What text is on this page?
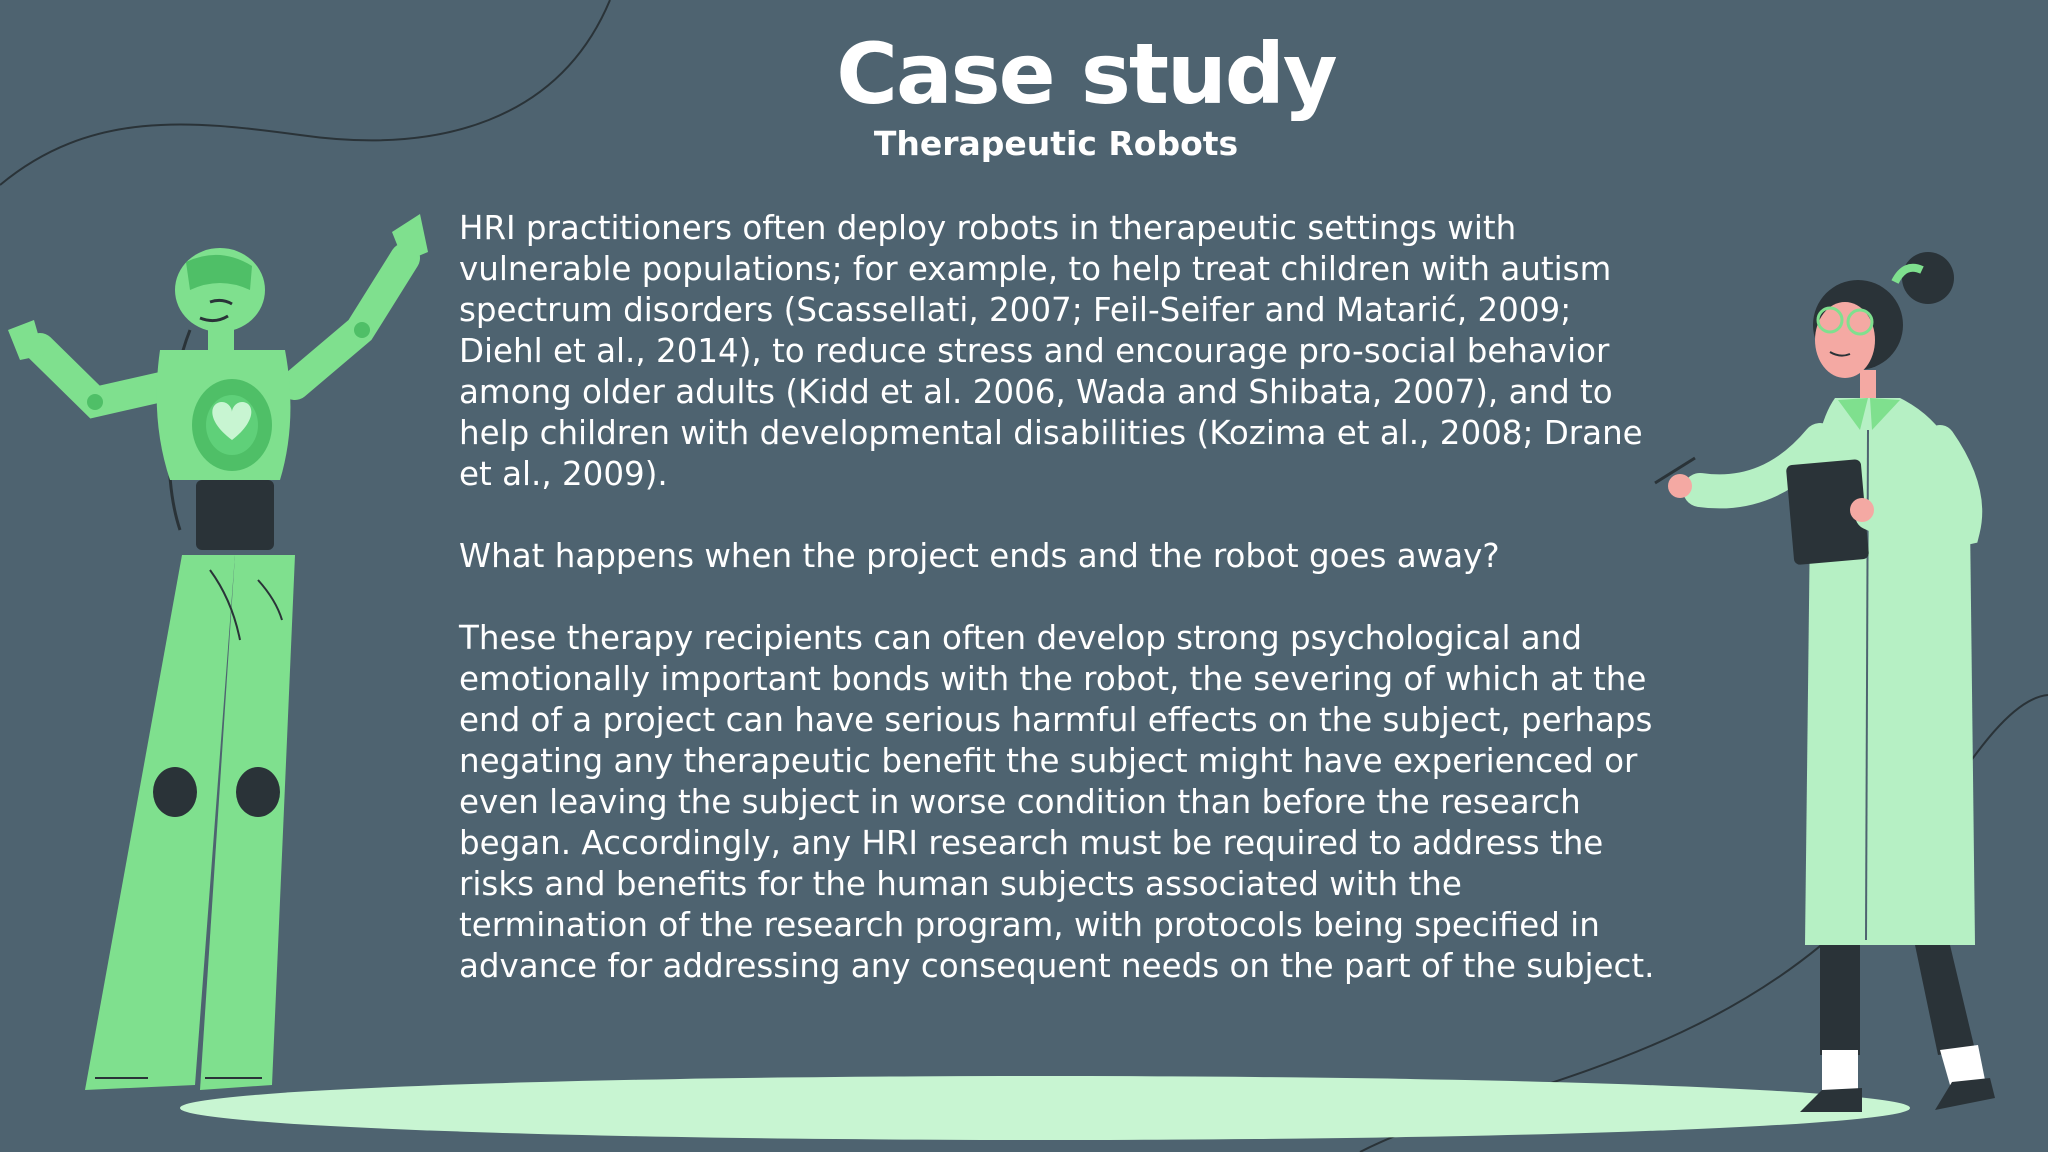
Case study
Therapeutic Robots

HRI practitioners often deploy robots in therapeutic settings with vulnerable populations; for example, to help treat children with autism spectrum disorders (Scassellati, 2007; Feil-Seifer and Matarić, 2009; Diehl et al., 2014), to reduce stress and encourage pro-social behavior among older adults (Kidd et al. 2006, Wada and Shibata, 2007), and to help children with developmental disabilities (Kozima et al., 2008; Drane et al., 2009).

What happens when the project ends and the robot goes away?

These therapy recipients can often develop strong psychological and emotionally important bonds with the robot, the severing of which at the end of a project can have serious harmful effects on the subject, perhaps negating any therapeutic benefit the subject might have experienced or even leaving the subject in worse condition than before the research began. Accordingly, any HRI research must be required to address the risks and benefits for the human subjects associated with the termination of the research program, with protocols being specified in advance for addressing any consequent needs on the part of the subject.
